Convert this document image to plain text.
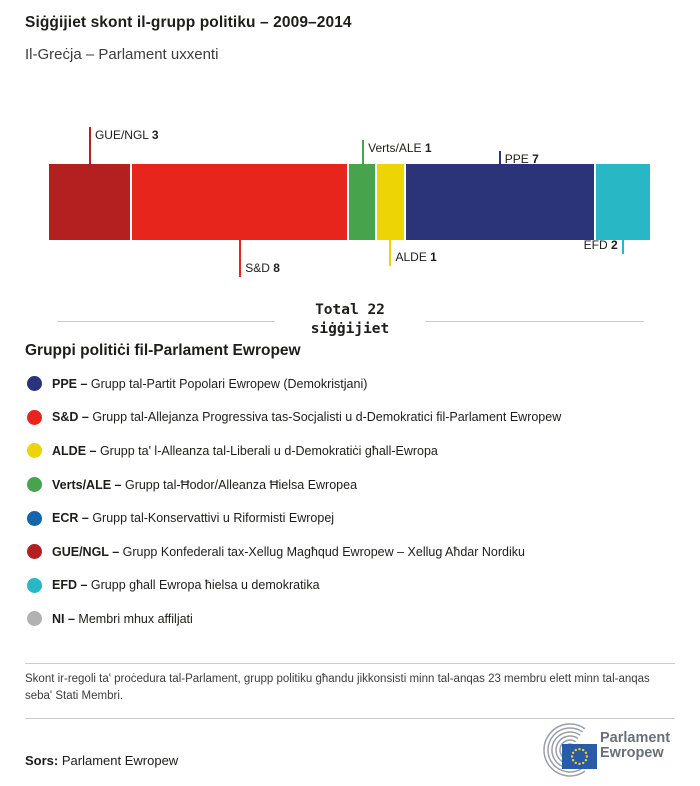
Siġġijiet skont il-grupp politiku – 2009–2014
Il-Greċja – Parlament uxxenti
GUE/NGL 3
S&D 8
Verts/ALE 1
ALDE 1
PPE 7
EFD 2
Total 22
siġġijiet
Gruppi politiċi fil-Parlament Ewropew
PPE – Grupp tal-Partit Popolari Ewropew (Demokristjani)
S&D – Grupp tal-Allejanza Progressiva tas-Socjalisti u d-Demokratici fil-Parlament Ewropew
ALDE – Grupp ta' l-Alleanza tal-Liberali u d-Demokratiċi għall-Ewropa
Verts/ALE – Grupp tal-Ħodor/Alleanza Ħielsa Ewropea
ECR – Grupp tal-Konservattivi u Riformisti Ewropej
GUE/NGL – Grupp Konfederali tax-Xellug Magħqud Ewropew – Xellug Aħdar Nordiku
EFD – Grupp għall Ewropa ħielsa u demokratika
NI – Membri mhux affiljati
Skont ir-regoli ta' proċedura tal-Parlament, grupp politiku għandu jikkonsisti minn tal-anqas 23 membru elett minn tal-anqas seba' Stati Membri.
Sors: Parlament Ewropew
Parlament
Ewropew
